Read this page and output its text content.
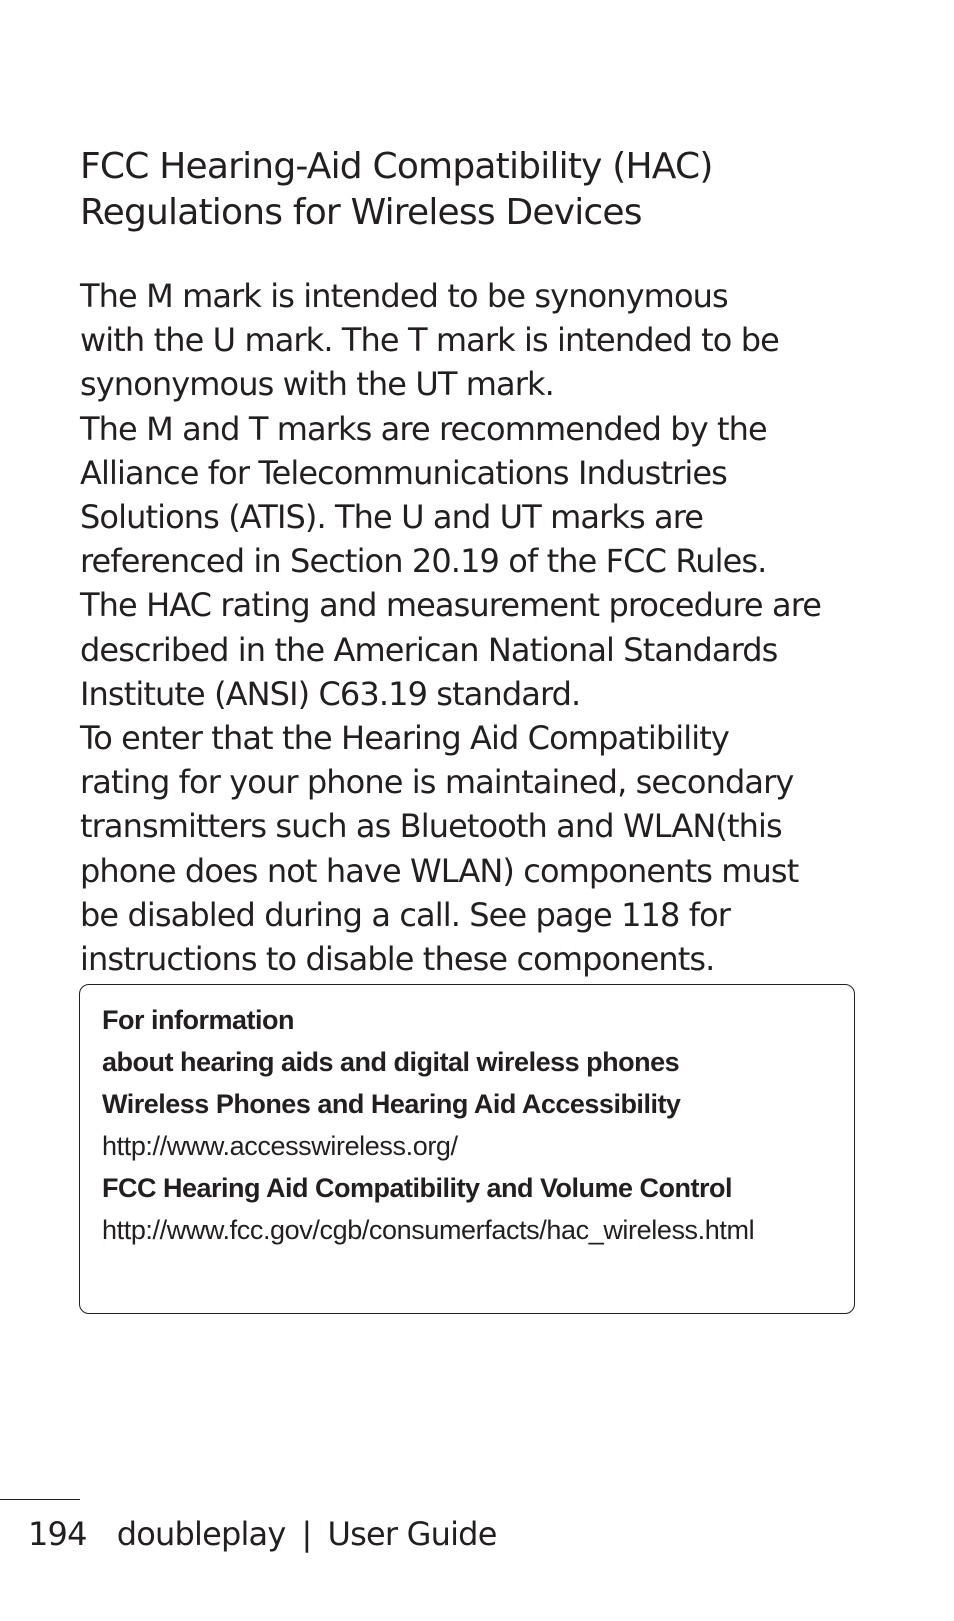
FCC Hearing-Aid Compatibility (HAC)
Regulations for Wireless Devices

The M mark is intended to be synonymous
with the U mark. The T mark is intended to be
synonymous with the UT mark.

The M and T marks are recommended by the
Alliance for Telecommunications Industries
Solutions (ATIS). The U and UT marks are
referenced in Section 20.19 of the FCC Rules.

The HAC rating and measurement procedure are
described in the American National Standards
Institute (ANSI) C63.19 standard.

To enter that the Hearing Aid Compatibility
rating for your phone is maintained, secondary
transmitters such as Bluetooth and WLAN(this
phone does not have WLAN) components must
be disabled during a call. See page 118 for
instructions to disable these components.

For information
about hearing aids and digital wireless phones
Wireless Phones and Hearing Aid Accessibility
http://www.accesswireless.org/
FCC Hearing Aid Compatibility and Volume Control
http://www.fcc.gov/cgb/consumerfacts/hac_wireless.html
194 doubleplay | User Guide
